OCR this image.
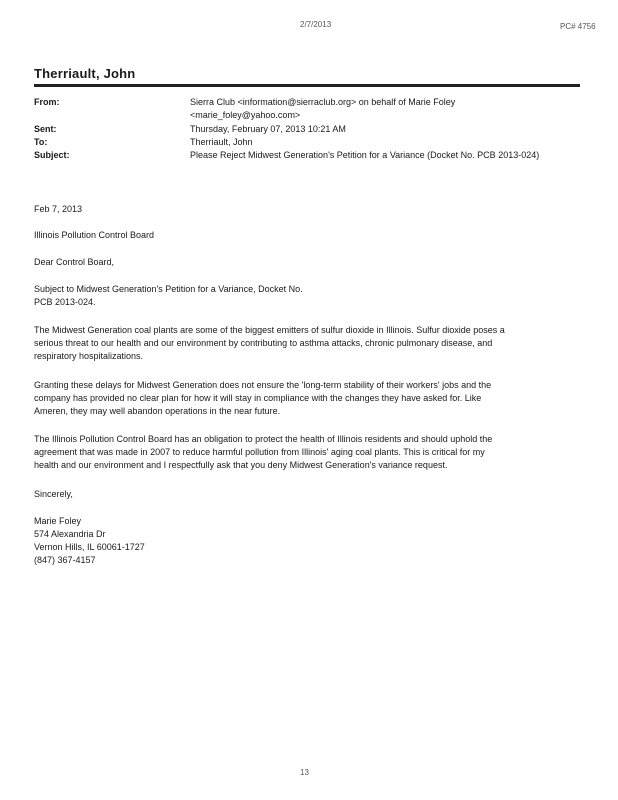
2/7/2013	PC# 4756
Therriault, John
From:	Sierra Club <information@sierraclub.org> on behalf of Marie Foley
<marie_foley@yahoo.com>
Sent:	Thursday, February 07, 2013 10:21 AM
To:	Therriault, John
Subject:	Please Reject Midwest Generation's Petition for a Variance (Docket No. PCB 2013-024)
Feb 7, 2013
Illinois Pollution Control Board
Dear Control Board,
Subject to Midwest Generation's Petition for a Variance, Docket No.
PCB 2013-024.
The Midwest Generation coal plants are some of the biggest emitters of sulfur dioxide in Illinois. Sulfur dioxide poses a
serious threat to our health and our environment by contributing to asthma attacks, chronic pulmonary disease, and
respiratory hospitalizations.
Granting these delays for Midwest Generation does not ensure the 'long-term stability of their workers' jobs and the
company has provided no clear plan for how it will stay in compliance with the changes they have asked for. Like
Ameren, they may well abandon operations in the near future.
The Illinois Pollution Control Board has an obligation to protect the health of Illinois residents and should uphold the
agreement that was made in 2007 to reduce harmful pollution from Illinois' aging coal plants. This is critical for my
health and our environment and I respectfully ask that you deny Midwest Generation's variance request.
Sincerely,
Marie Foley
574 Alexandria Dr
Vernon Hills, IL 60061-1727
(847) 367-4157
13
